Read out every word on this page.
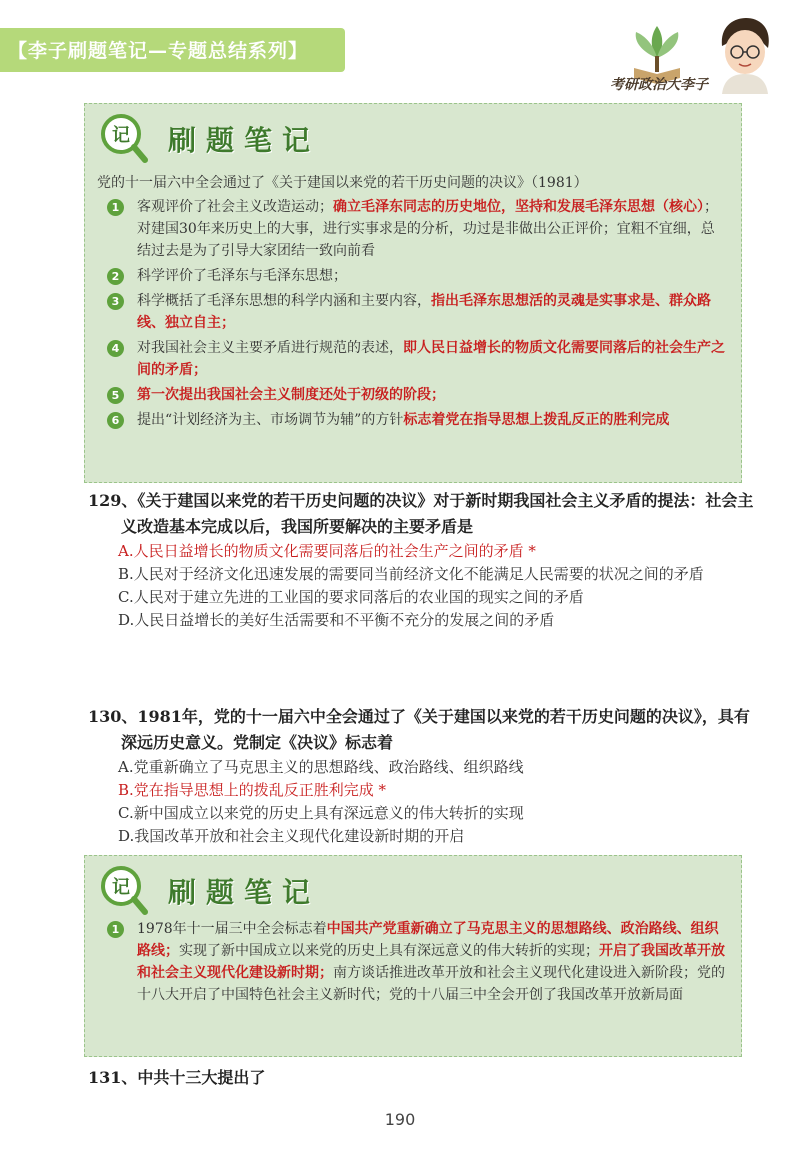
【李子刷题笔记—专题总结系列】
考研政治大李子
记 刷题笔记
党的十一届六中全会通过了《关于建国以来党的若干历史问题的决议》（1981）
1	客观评价了社会主义改造运动；确立毛泽东同志的历史地位，坚持和发展毛泽东思想（核心）；对建国30年来历史上的大事，进行实事求是的分析，功过是非做出公正评价；宜粗不宜细，总结过去是为了引导大家团结一致向前看
2	科学评价了毛泽东与毛泽东思想；
3	科学概括了毛泽东思想的科学内涵和主要内容，指出毛泽东思想活的灵魂是实事求是、群众路线、独立自主；
4	对我国社会主义主要矛盾进行规范的表述，即人民日益增长的物质文化需要同落后的社会生产之间的矛盾；
5	第一次提出我国社会主义制度还处于初级的阶段；
6	提出“计划经济为主、市场调节为辅”的方针标志着党在指导思想上拨乱反正的胜利完成
129、《关于建国以来党的若干历史问题的决议》对于新时期我国社会主义矛盾的提法：社会主义改造基本完成以后，我国所要解决的主要矛盾是
A.人民日益增长的物质文化需要同落后的社会生产之间的矛盾 *
B.人民对于经济文化迅速发展的需要同当前经济文化不能满足人民需要的状况之间的矛盾
C.人民对于建立先进的工业国的要求同落后的农业国的现实之间的矛盾
D.人民日益增长的美好生活需要和不平衡不充分的发展之间的矛盾
130、1981年，党的十一届六中全会通过了《关于建国以来党的若干历史问题的决议》，具有深远历史意义。党制定《决议》标志着
A.党重新确立了马克思主义的思想路线、政治路线、组织路线
B.党在指导思想上的拨乱反正胜利完成 *
C.新中国成立以来党的历史上具有深远意义的伟大转折的实现
D.我国改革开放和社会主义现代化建设新时期的开启
记 刷题笔记
1	1978年十一届三中全会标志着中国共产党重新确立了马克思主义的思想路线、政治路线、组织路线；实现了新中国成立以来党的历史上具有深远意义的伟大转折的实现；开启了我国改革开放和社会主义现代化建设新时期；南方谈话推进改革开放和社会主义现代化建设进入新阶段；党的十八大开启了中国特色社会主义新时代；党的十八届三中全会开创了我国改革开放新局面
131、中共十三大提出了
190
